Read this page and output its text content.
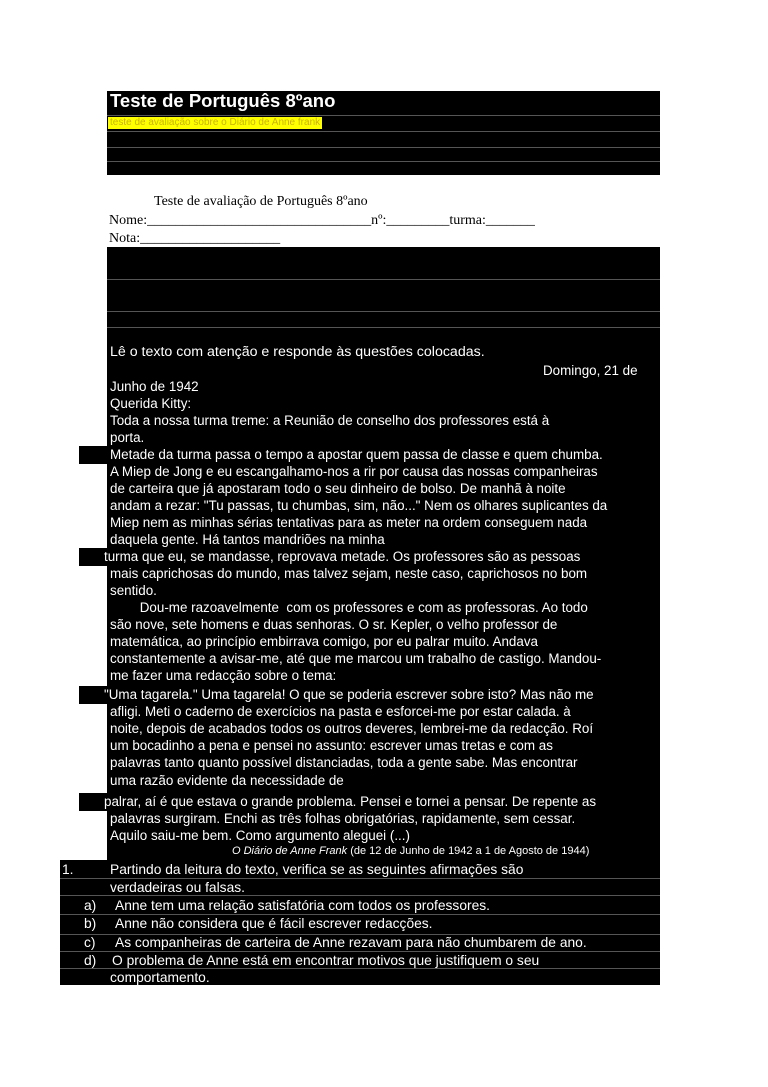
Teste de Português 8ºano
teste de avaliação sobre o Diário de Anne frank
Teste de avaliação de Português 8ºano
Nome:________________________________nº:_________turma:_______
Nota:____________________
Lê o texto com atenção e responde às questões colocadas.
Domingo, 21 de
Junho de 1942
Querida Kitty:
Toda a nossa turma treme: a Reunião de conselho dos professores está à
porta.
5 Metade da turma passa o tempo a apostar quem passa de classe e quem chumba.
A Miep de Jong e eu escangalhamo-nos a rir por causa das nossas companheiras
de carteira que já apostaram todo o seu dinheiro de bolso. De manhã à noite
andam a rezar: "Tu passas, tu chumbas, sim, não..." Nem os olhares suplicantes da
Miep nem as minhas sérias tentativas para as meter na ordem conseguem nada
daquela gente. Há tantos mandriões na minha
10 turma que eu, se mandasse, reprovava metade. Os professores são as pessoas
mais caprichosas do mundo, mas talvez sejam, neste caso, caprichosos no bom
sentido.
Dou-me razoavelmente  com os professores e com as professoras. Ao todo
são nove, sete homens e duas senhoras. O sr. Kepler, o velho professor de
matemática, ao princípio embirrava comigo, por eu palrar muito. Andava
constantemente a avisar-me, até que me marcou um trabalho de castigo. Mandou-
me fazer uma redacção sobre o tema:
15 "Uma tagarela." Uma tagarela! O que se poderia escrever sobre isto? Mas não me
afligi. Meti o caderno de exercícios na pasta e esforcei-me por estar calada. à
noite, depois de acabados todos os outros deveres, lembrei-me da redacção. Roí
um bocadinho a pena e pensei no assunto: escrever umas tretas e com as
palavras tanto quanto possível distanciadas, toda a gente sabe. Mas encontrar
uma razão evidente da necessidade de
20 palrar, aí é que estava o grande problema. Pensei e tornei a pensar. De repente as
palavras surgiram. Enchi as três folhas obrigatórias, rapidamente, sem cessar.
Aquilo saiu-me bem. Como argumento aleguei (...)
O Diário de Anne Frank (de 12 de Junho de 1942 a 1 de Agosto de 1944)
1.	Partindo da leitura do texto, verifica se as seguintes afirmações são
verdadeiras ou falsas.
a) Anne tem uma relação satisfatória com todos os professores.
b) Anne não considera que é fácil escrever redacções.
c) As companheiras de carteira de Anne rezavam para não chumbarem de ano.
d) O problema de Anne está em encontrar motivos que justifiquem o seu
comportamento.
